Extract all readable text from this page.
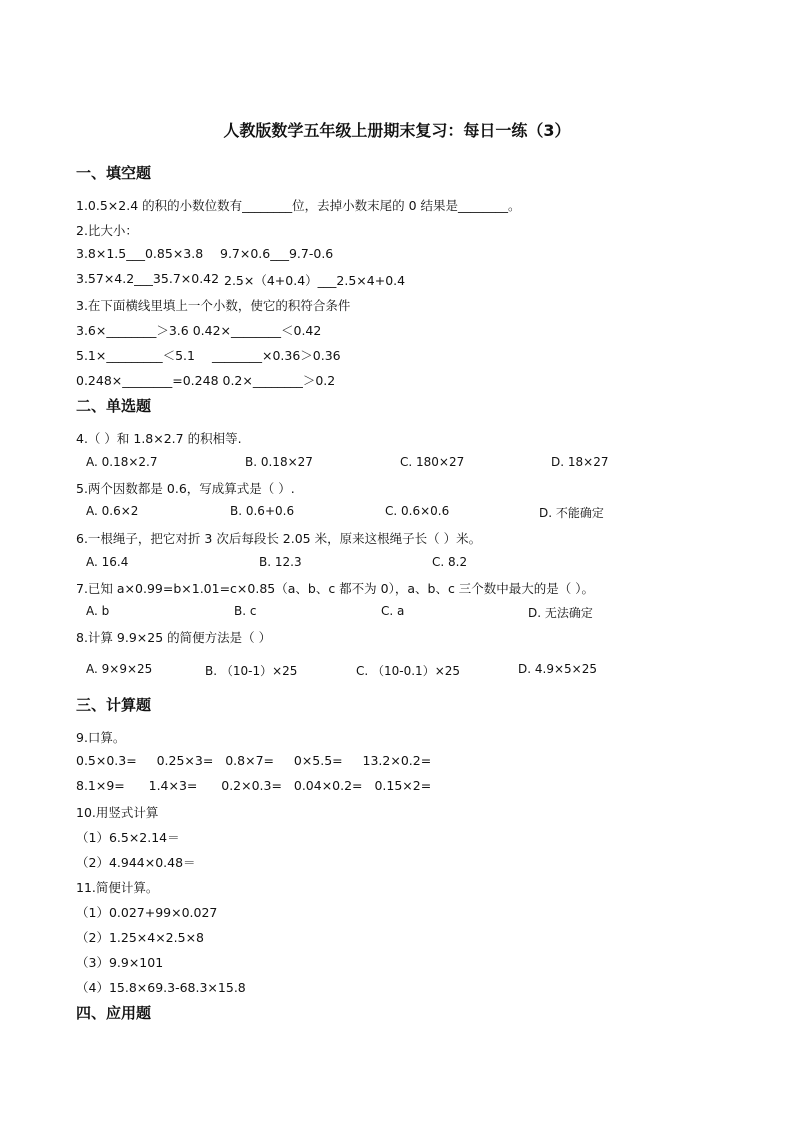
人教版数学五年级上册期末复习：每日一练（3）
一、填空题
1.0.5×2.4 的积的小数位数有________位，去掉小数末尾的 0 结果是________。
2.比大小：
3.8×1.5___0.85×3.8 9.7×0.6___9.7-0.6
3.57×4.2___35.7×0.42 2.5×（4+0.4）___2.5×4+0.4
3.在下面横线里填上一个小数，使它的积符合条件
3.6×________＞3.6 0.42×________＜0.42
5.1×_________＜5.1 ________×0.36＞0.36
0.248×________=0.248 0.2×________＞0.2
二、单选题
4.（ ）和 1.8×2.7 的积相等.
A. 0.18×2.7	B. 0.18×27	C. 180×27	D. 18×27
5.两个因数都是 0.6，写成算式是（ ）.
A. 0.6×2	B. 0.6+0.6	C. 0.6×0.6	D. 不能确定
6.一根绳子，把它对折 3 次后每段长 2.05 米，原来这根绳子长（ ）米。
A. 16.4	B. 12.3	C. 8.2
7.已知 a×0.99=b×1.01=c×0.85（a、b、c 都不为 0），a、b、c 三个数中最大的是（ ）。
A. b	B. c	C. a	D. 无法确定
8.计算 9.9×25 的简便方法是（ ）
A. 9×9×25	B. （10-1）×25	C. （10-0.1）×25	D. 4.9×5×25
三、计算题
9.口算。
0.5×0.3=     0.25×3=   0.8×7=     0×5.5=     13.2×0.2=
8.1×9=      1.4×3=      0.2×0.3=   0.04×0.2=   0.15×2=
10.用竖式计算
（1）6.5×2.14＝
（2）4.944×0.48＝
11.简便计算。
（1）0.027+99×0.027
（2）1.25×4×2.5×8
（3）9.9×101
（4）15.8×69.3-68.3×15.8
四、应用题
